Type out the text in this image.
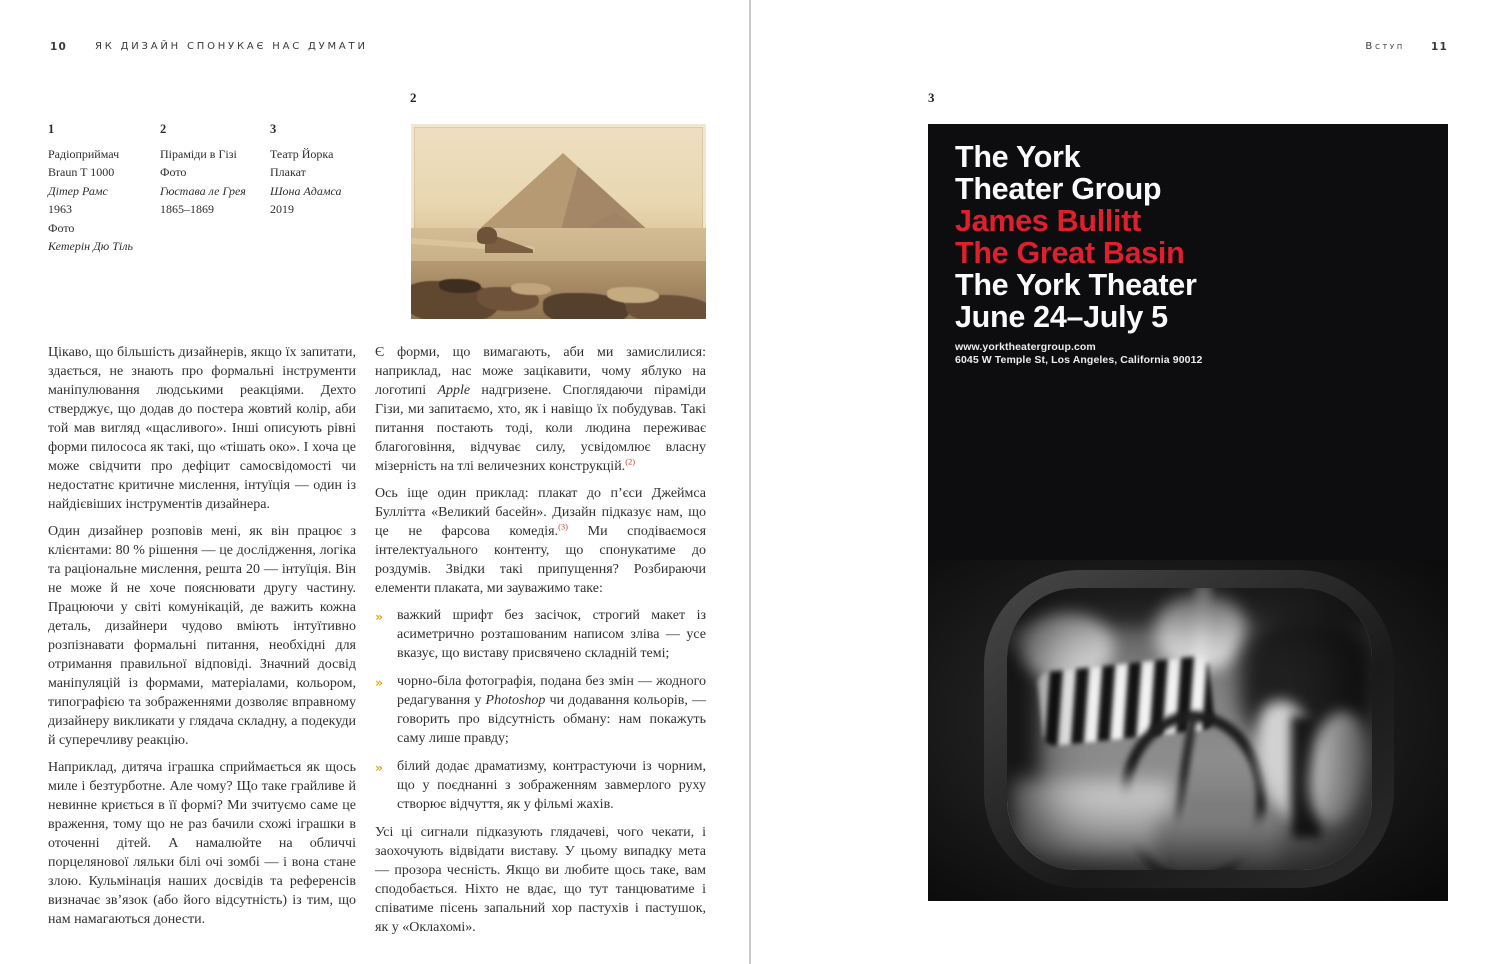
10	ЯК ДИЗАЙН СПОНУКАЄ НАС ДУМАТИ	Вступ 11
1
Радіоприймач
Braun T 1000
Дітер Рамс
1963
Фото
Кетерін Дю Тіль
2
Піраміди в Гізі
Фото
Гюстава ле Грея
1865–1869
3
Театр Йорка
Плакат
Шона Адамса
2019
2

Цікаво, що більшість дизайнерів, якщо їх запитати, здається, не знають про формальні інструменти маніпулювання людськими реакціями. Дехто стверджує, що додав до постера жовтий колір, аби той мав вигляд «щасливого». Інші описують рівні форми пилососа як такі, що «тішать око». І хоча це може свідчити про дефіцит самосвідомості чи недостатнє критичне мислення, інтуїція — один із найдієвіших інструментів дизайнера.

Один дизайнер розповів мені, як він працює з клієнтами: 80 % рішення — це дослідження, логіка та раціональне мислення, решта 20 — інтуїція. Він не може й не хоче пояснювати другу частину. Працюючи у світі комунікацій, де важить кожна деталь, дизайнери чудово вміють інтуїтивно розпізнавати формальні питання, необхідні для отримання правильної відповіді. Значний досвід маніпуляцій із формами, матеріалами, кольором, типографією та зображеннями дозволяє вправному дизайнеру викликати у глядача складну, а подекуди й суперечливу реакцію.

Наприклад, дитяча іграшка сприймається як щось миле і безтурботне. Але чому? Що таке грайливе й невинне криється в її формі? Ми зчитуємо саме це враження, тому що не раз бачили схожі іграшки в оточенні дітей. А намалюйте на обличчі порцелянової ляльки білі очі зомбі — і вона стане злою. Кульмінація наших досвідів та референсів визначає зв’язок (або його відсутність) із тим, що нам намагаються донести.

Є форми, що вимагають, аби ми замислилися: наприклад, нас може зацікавити, чому яблуко на логотипі Apple надгризене. Споглядаючи піраміди Гізи, ми запитаємо, хто, як і навіщо їх побудував. Такі питання постають тоді, коли людина переживає благоговіння, відчуває силу, усвідомлює власну мізерність на тлі величезних конструкцій.$^{(2)}$

Ось іще один приклад: плакат до п’єси Джеймса Буллітта «Великий басейн». Дизайн підказує нам, що це не фарсова комедія.$^{(3)}$ Ми сподіваємося інтелектуального контенту, що спонукатиме до роздумів. Звідки такі припущення? Розбираючи елементи плаката, ми зауважимо таке:

» важкий шрифт без засічок, строгий макет із асиметрично розташованим написом зліва — усе вказує, що виставу присвячено складній темі;
» чорно-біла фотографія, подана без змін — жодного редагування у Photoshop чи додавання кольорів, — говорить про відсутність обману: нам покажуть саму лише правду;
» білий додає драматизму, контрастуючи із чорним, що у поєднанні з зображенням завмерлого руху створює відчуття, як у фільмі жахів.

Усі ці сигнали підказують глядачеві, чого чекати, і заохочують відвідати виставу. У цьому випадку мета — прозора чесність. Якщо ви любите щось таке, вам сподобається. Ніхто не вдає, що тут танцюватиме і співатиме пісень запальний хор пастухів і пастушок, як у «Оклахомі».

3
The York
Theater Group
James Bullitt
The Great Basin
The York Theater
June 24–July 5
www.yorktheatergroup.com
6045 W Temple St, Los Angeles, California 90012
